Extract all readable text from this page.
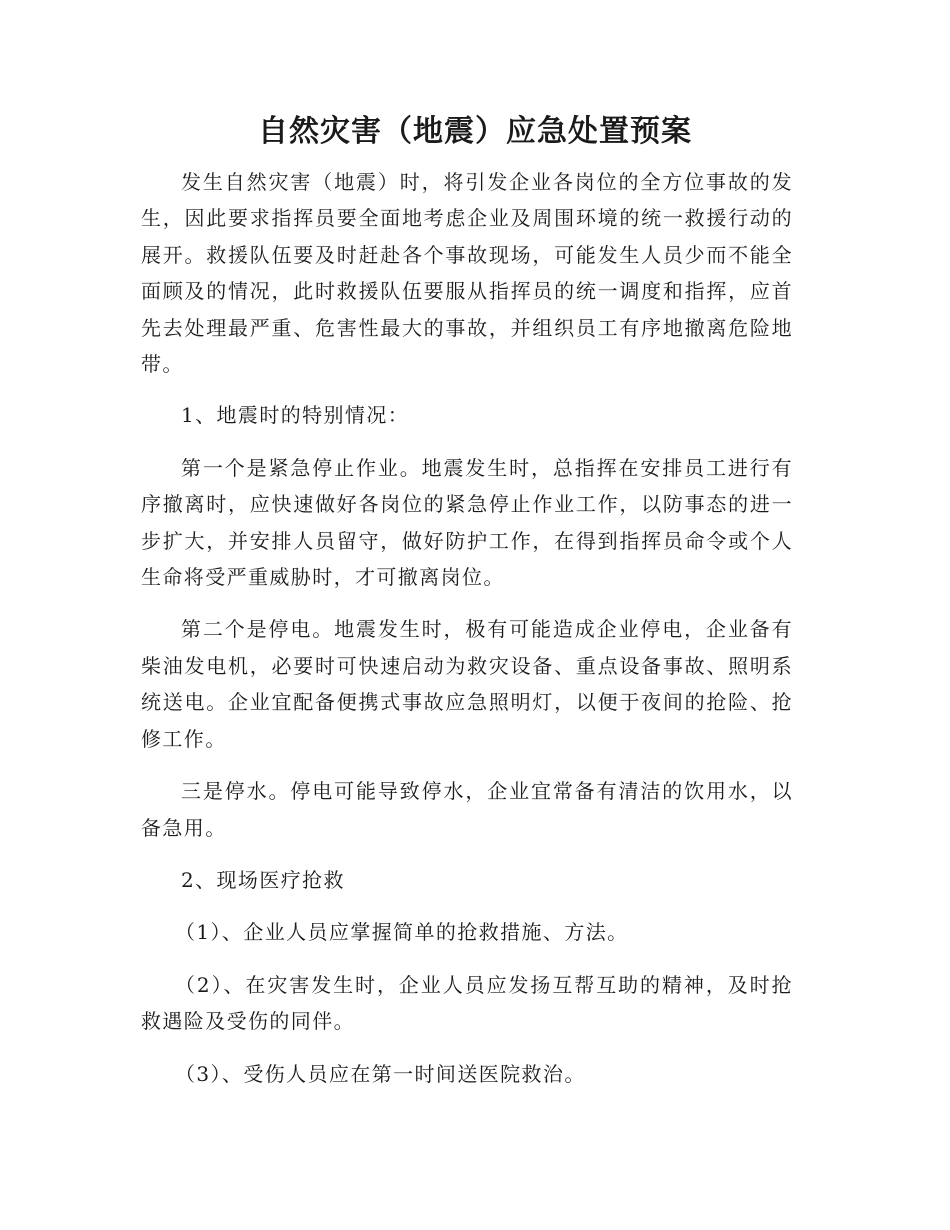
自然灾害（地震）应急处置预案

发生自然灾害（地震）时，将引发企业各岗位的全方位事故的发生，因此要求指挥员要全面地考虑企业及周围环境的统一救援行动的展开。救援队伍要及时赶赴各个事故现场，可能发生人员少而不能全面顾及的情况，此时救援队伍要服从指挥员的统一调度和指挥，应首先去处理最严重、危害性最大的事故，并组织员工有序地撤离危险地带。

1、地震时的特别情况：

第一个是紧急停止作业。地震发生时，总指挥在安排员工进行有序撤离时，应快速做好各岗位的紧急停止作业工作，以防事态的进一步扩大，并安排人员留守，做好防护工作，在得到指挥员命令或个人生命将受严重威胁时，才可撤离岗位。

第二个是停电。地震发生时，极有可能造成企业停电，企业备有柴油发电机，必要时可快速启动为救灾设备、重点设备事故、照明系统送电。企业宜配备便携式事故应急照明灯，以便于夜间的抢险、抢修工作。

三是停水。停电可能导致停水，企业宜常备有清洁的饮用水，以备急用。

2、现场医疗抢救

（1）、企业人员应掌握简单的抢救措施、方法。

（2）、在灾害发生时，企业人员应发扬互帮互助的精神，及时抢救遇险及受伤的同伴。

（3）、受伤人员应在第一时间送医院救治。
